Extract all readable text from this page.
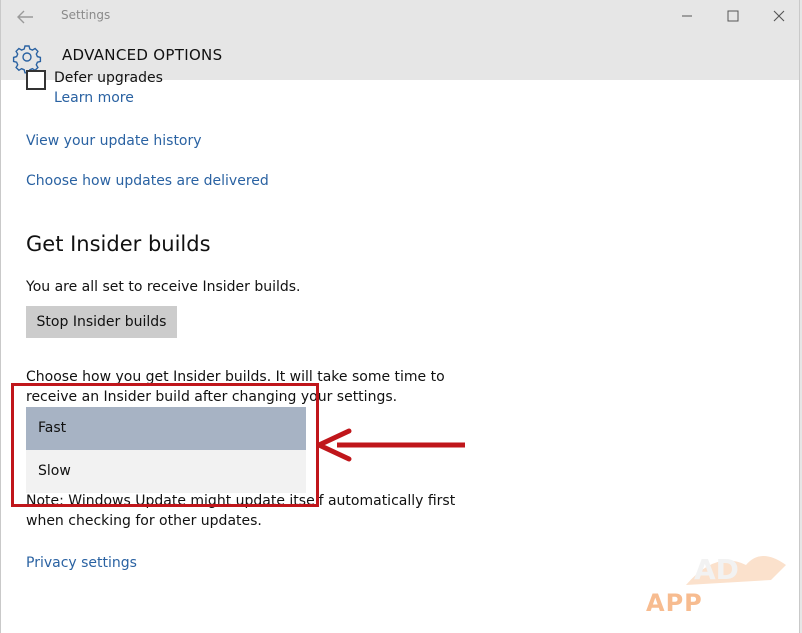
Settings
ADVANCED OPTIONS
Defer upgrades
Learn more
View your update history
Choose how updates are delivered
Get Insider builds
You are all set to receive Insider builds.
Stop Insider builds
Choose how you get Insider builds. It will take some time to receive an Insider build after changing your settings.
Note: Windows Update might update itself automatically first when checking for other updates.
Fast
Slow
Privacy settings	AD
APP
